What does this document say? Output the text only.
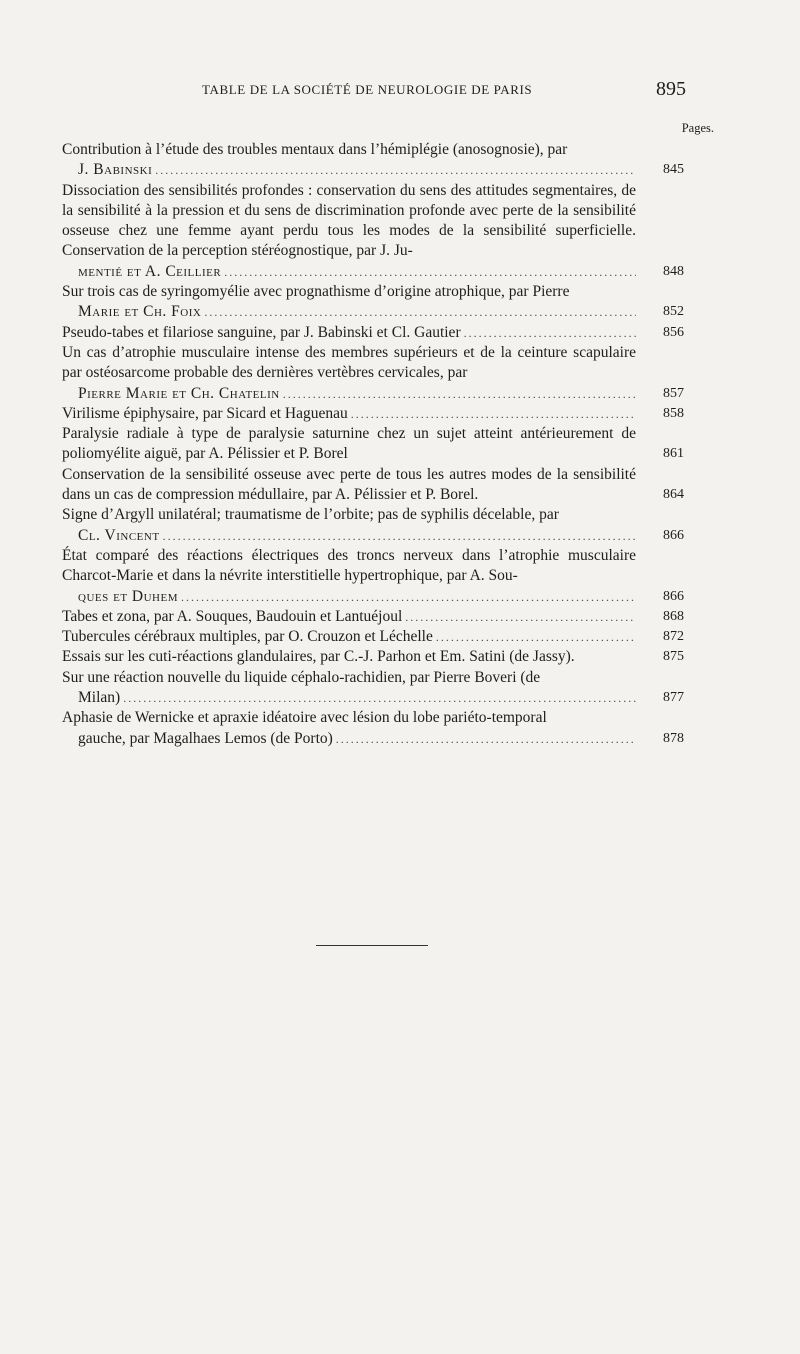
TABLE DE LA SOCIÉTÉ DE NEUROLOGIE DE PARIS	895
Pages.
Contribution à l’étude des troubles mentaux dans l’hémiplégie (anosognosie), par
J. Babinski .....	845
Dissociation des sensibilités profondes : conservation du sens des attitudes segmentaires, de la sensibilité à la pression et du sens de discrimination profonde avec perte de la sensibilité osseuse chez une femme ayant perdu tous les modes de la sensibilité superficielle. Conservation de la perception stéréognostique, par J. Ju-
mentié et A. Ceillier .....	848
Sur trois cas de syringomyélie avec prognathisme d’origine atrophique, par Pierre
Marie et Ch. Foix .....	852
Pseudo-tabes et filariose sanguine, par J. Babinski et Cl. Gautier .....	856
Un cas d’atrophie musculaire intense des membres supérieurs et de la ceinture scapulaire par ostéosarcome probable des dernières vertèbres cervicales, par
Pierre Marie et Ch. Chatelin .....	857
Virilisme épiphysaire, par Sicard et Haguenau .....	858
Paralysie radiale à type de paralysie saturnine chez un sujet atteint antérieurement de poliomyélite aiguë, par A. Pélissier et P. Borel	861
Conservation de la sensibilité osseuse avec perte de tous les autres modes de la sensibilité dans un cas de compression médullaire, par A. Pélissier et P. Borel.	864
Signe d’Argyll unilatéral; traumatisme de l’orbite; pas de syphilis décelable, par
Cl. Vincent .....	866
État comparé des réactions électriques des troncs nerveux dans l’atrophie musculaire Charcot-Marie et dans la névrite interstitielle hypertrophique, par A. Sou-
ques et Duhem .....	866
Tabes et zona, par A. Souques, Baudouin et Lantuéjoul .....	868
Tubercules cérébraux multiples, par O. Crouzon et Léchelle .....	872
Essais sur les cuti-réactions glandulaires, par C.-J. Parhon et Em. Satini (de Jassy).	875
Sur une réaction nouvelle du liquide céphalo-rachidien, par Pierre Boveri (de
Milan) .....	877
Aphasie de Wernicke et apraxie idéatoire avec lésion du lobe pariéto-temporal
gauche, par Magalhaes Lemos (de Porto) .....	878
